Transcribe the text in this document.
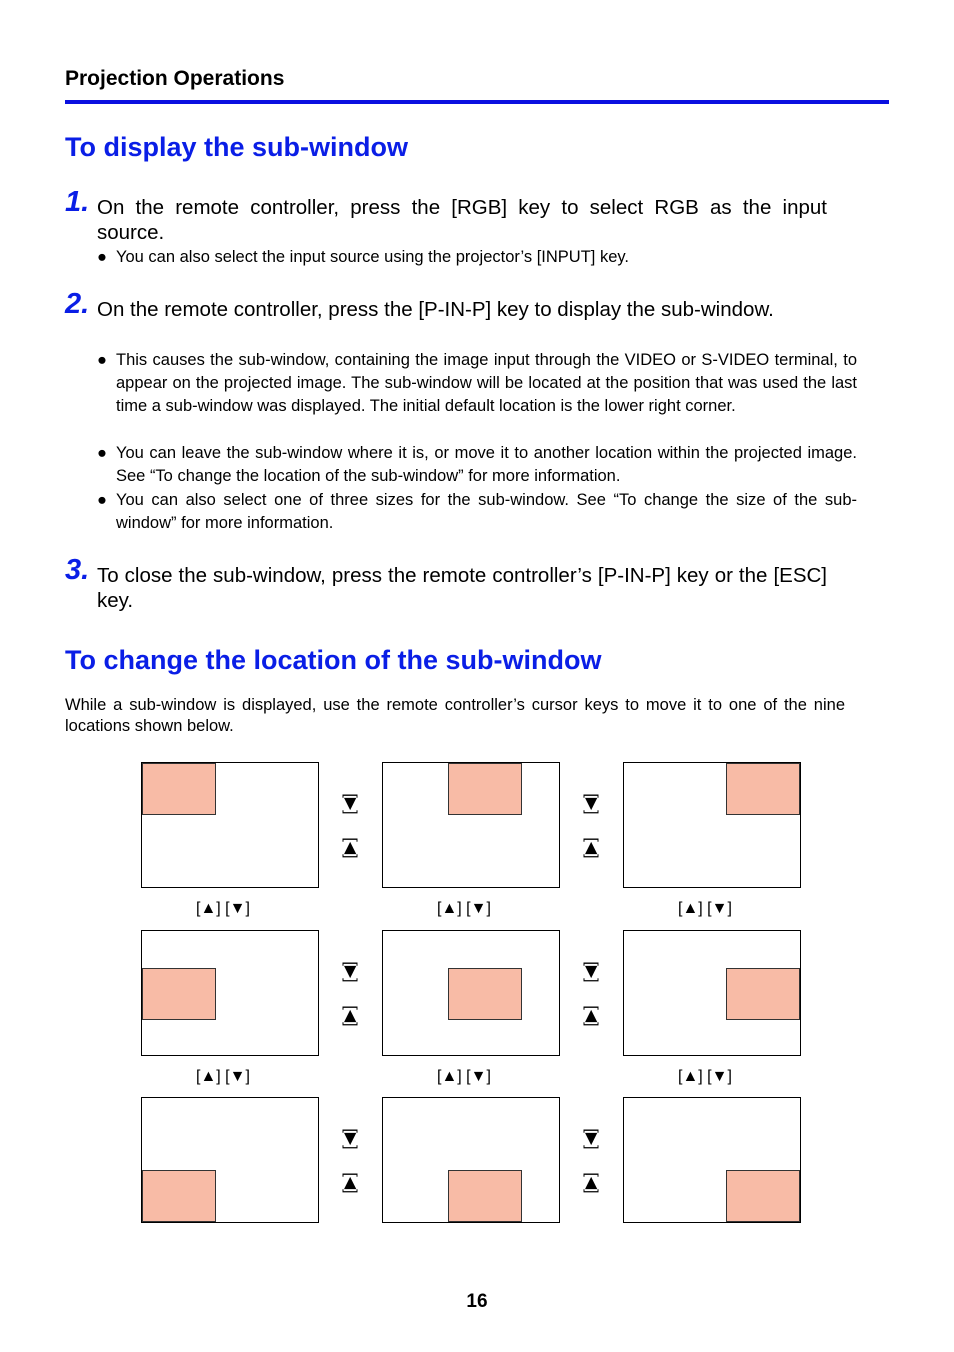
Projection Operations
To display the sub-window
1. On the remote controller, press the [RGB] key to select RGB as the input source.
● You can also select the input source using the projector’s [INPUT] key.
2. On the remote controller, press the [P-IN-P] key to display the sub-window.
● This causes the sub-window, containing the image input through the VIDEO or S-VIDEO terminal, to appear on the projected image. The sub-window will be located at the position that was used the last time a sub-window was displayed. The initial default location is the lower right corner.
● You can leave the sub-window where it is, or move it to another location within the projected image. See “To change the location of the sub-window” for more information.
● You can also select one of three sizes for the sub-window. See “To change the size of the sub-window” for more information.
3. To close the sub-window, press the remote controller’s [P-IN-P] key or the [ESC] key.
To change the location of the sub-window
While a sub-window is displayed, use the remote controller’s cursor keys to move it to one of the nine locations shown below.
[▶]
[◀]
[▲] [▼]
[▶]
[◀]
[▲] [▼]	[▲] [▼]
[▶]
[◀]
[▲] [▼]
[▶]
[◀]
[▲] [▼]	[▲] [▼]
[▶]
[◀]
[▶]
[◀]
16
